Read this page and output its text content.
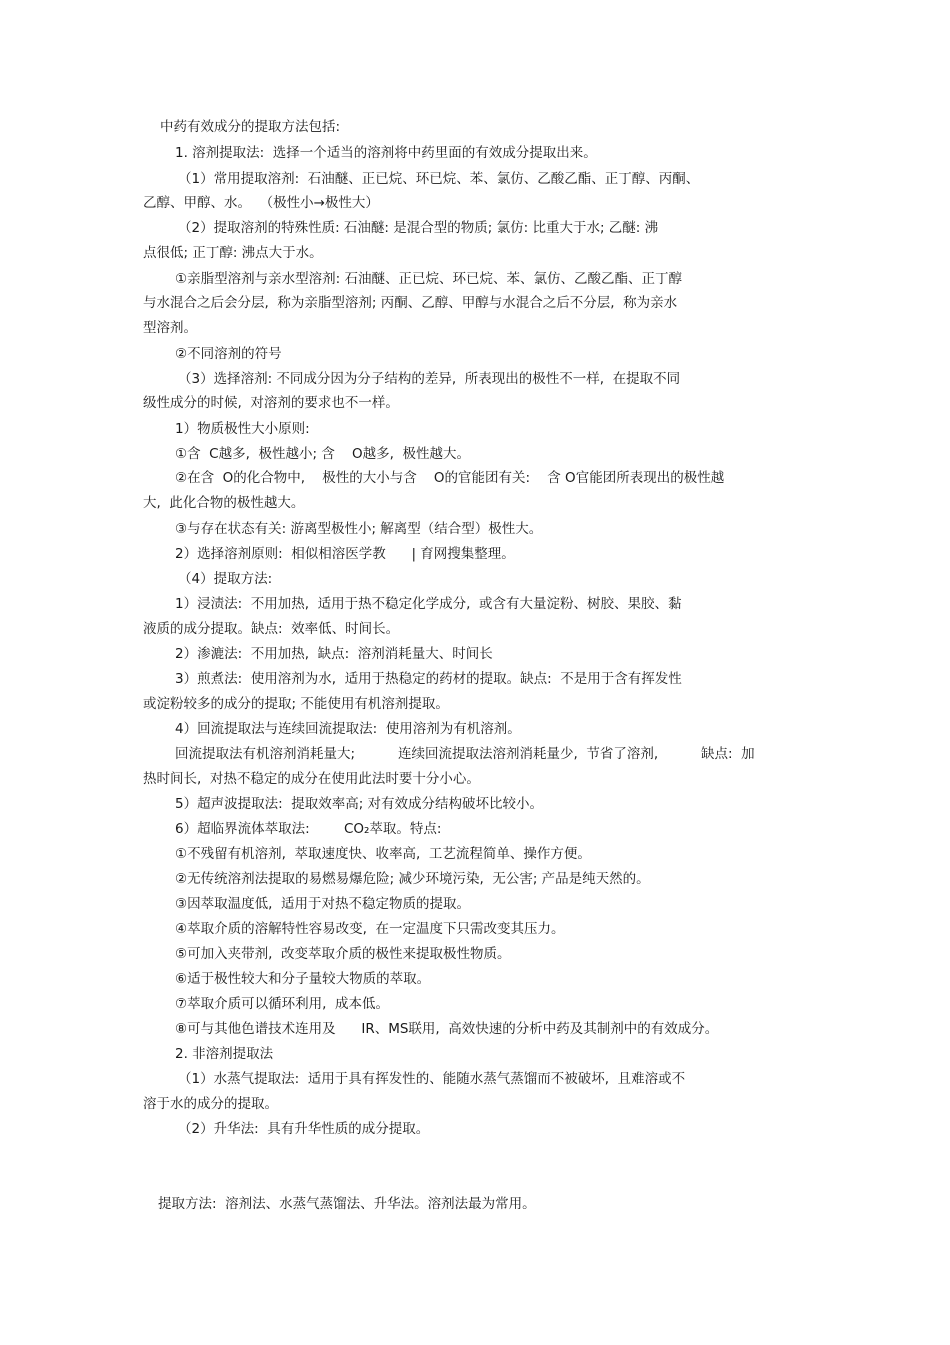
中药有效成分的提取方法包括:

1. 溶剂提取法:  选择一个适当的溶剂将中药里面的有效成分提取出来。

（1）常用提取溶剂:  石油醚、正已烷、环已烷、苯、氯仿、乙酸乙酯、正丁醇、丙酮、

乙醇、甲醇、水。  （极性小→极性大）

（2）提取溶剂的特殊性质: 石油醚: 是混合型的物质; 氯仿: 比重大于水; 乙醚: 沸

点很低; 正丁醇: 沸点大于水。

①亲脂型溶剂与亲水型溶剂: 石油醚、正已烷、环已烷、苯、氯仿、乙酸乙酯、正丁醇

与水混合之后会分层,  称为亲脂型溶剂; 丙酮、乙醇、甲醇与水混合之后不分层,  称为亲水

型溶剂。

②不同溶剂的符号

（3）选择溶剂: 不同成分因为分子结构的差异,  所表现出的极性不一样,  在提取不同

级性成分的时候,  对溶剂的要求也不一样。

1）物质极性大小原则:

①含  C越多,  极性越小; 含    O越多,  极性越大。

②在含  O的化合物中,    极性的大小与含    O的官能团有关:    含 O官能团所表现出的极性越

大,  此化合物的极性越大。

③与存在状态有关: 游离型极性小; 解离型（结合型）极性大。

2）选择溶剂原则:  相似相溶医学教      | 育网搜集整理。

（4）提取方法:

1）浸渍法:  不用加热,  适用于热不稳定化学成分,  或含有大量淀粉、树胶、果胶、黏

液质的成分提取。缺点:  效率低、时间长。

2）渗漉法:  不用加热,  缺点:  溶剂消耗量大、时间长

3）煎煮法:  使用溶剂为水,  适用于热稳定的药材的提取。缺点:  不是用于含有挥发性

或淀粉较多的成分的提取; 不能使用有机溶剂提取。

4）回流提取法与连续回流提取法:  使用溶剂为有机溶剂。

回流提取法有机溶剂消耗量大;          连续回流提取法溶剂消耗量少,  节省了溶剂,          缺点:  加

热时间长,  对热不稳定的成分在使用此法时要十分小心。

5）超声波提取法:  提取效率高; 对有效成分结构破坏比较小。

6）超临界流体萃取法:        CO₂萃取。特点:

①不残留有机溶剂,  萃取速度快、收率高,  工艺流程简单、操作方便。

②无传统溶剂法提取的易燃易爆危险; 减少环境污染,  无公害; 产品是纯天然的。

③因萃取温度低,  适用于对热不稳定物质的提取。

④萃取介质的溶解特性容易改变,  在一定温度下只需改变其压力。

⑤可加入夹带剂,  改变萃取介质的极性来提取极性物质。

⑥适于极性较大和分子量较大物质的萃取。

⑦萃取介质可以循环利用,  成本低。

⑧可与其他色谱技术连用及      IR、MS联用,  高效快速的分析中药及其制剂中的有效成分。

2. 非溶剂提取法

（1）水蒸气提取法:  适用于具有挥发性的、能随水蒸气蒸馏而不被破坏,  且难溶或不

溶于水的成分的提取。

（2）升华法:  具有升华性质的成分提取。

提取方法:  溶剂法、水蒸气蒸馏法、升华法。溶剂法最为常用。
